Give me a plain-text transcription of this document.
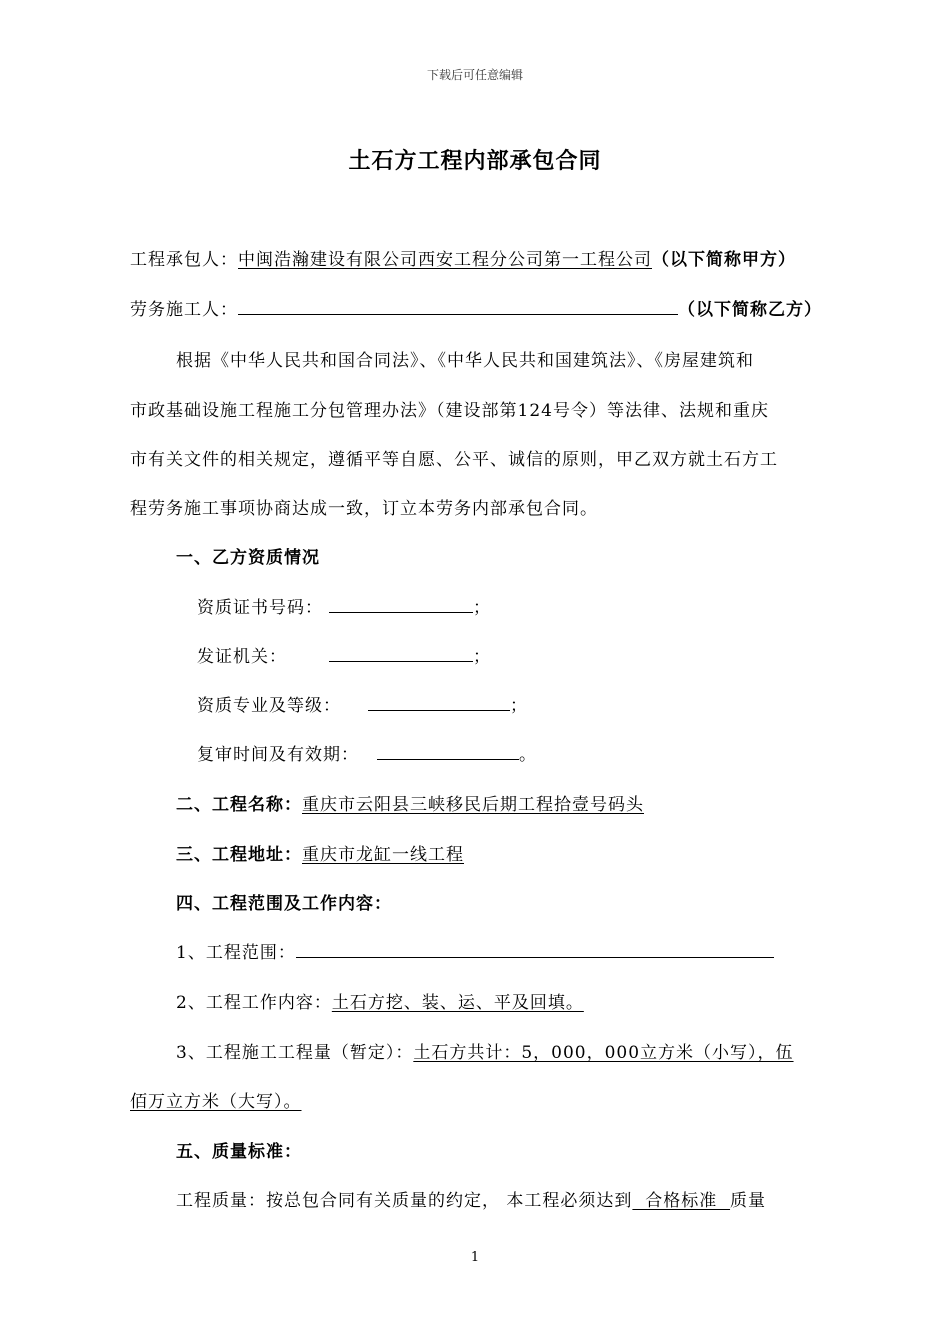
下载后可任意编辑
土石方工程内部承包合同
工程承包人：中闽浩瀚建设有限公司西安工程分公司第一工程公司（以下简称甲方）
劳务施工人：	（以下简称乙方）
根据《中华人民共和国合同法》、《中华人民共和国建筑法》、《房屋建筑和
市政基础设施工程施工分包管理办法》（建设部第124号令）等法律、法规和重庆
市有关文件的相关规定，遵循平等自愿、公平、诚信的原则，甲乙双方就土石方工
程劳务施工事项协商达成一致，订立本劳务内部承包合同。
一、乙方资质情况
资质证书号码：	；
发证机关：	；
资质专业及等级：	；
复审时间及有效期：	。
二、工程名称：重庆市云阳县三峡移民后期工程拾壹号码头
三、工程地址：重庆市龙缸一线工程
四、工程范围及工作内容：
1、工程范围：
2、工程工作内容：土石方挖、装、运、平及回填。
3、工程施工工程量（暂定）：土石方共计：5，000，000立方米（小写），伍
佰万立方米（大写）。
五、质量标准：
工程质量：按总包合同有关质量的约定， 本工程必须达到  合格标准  质量
1
